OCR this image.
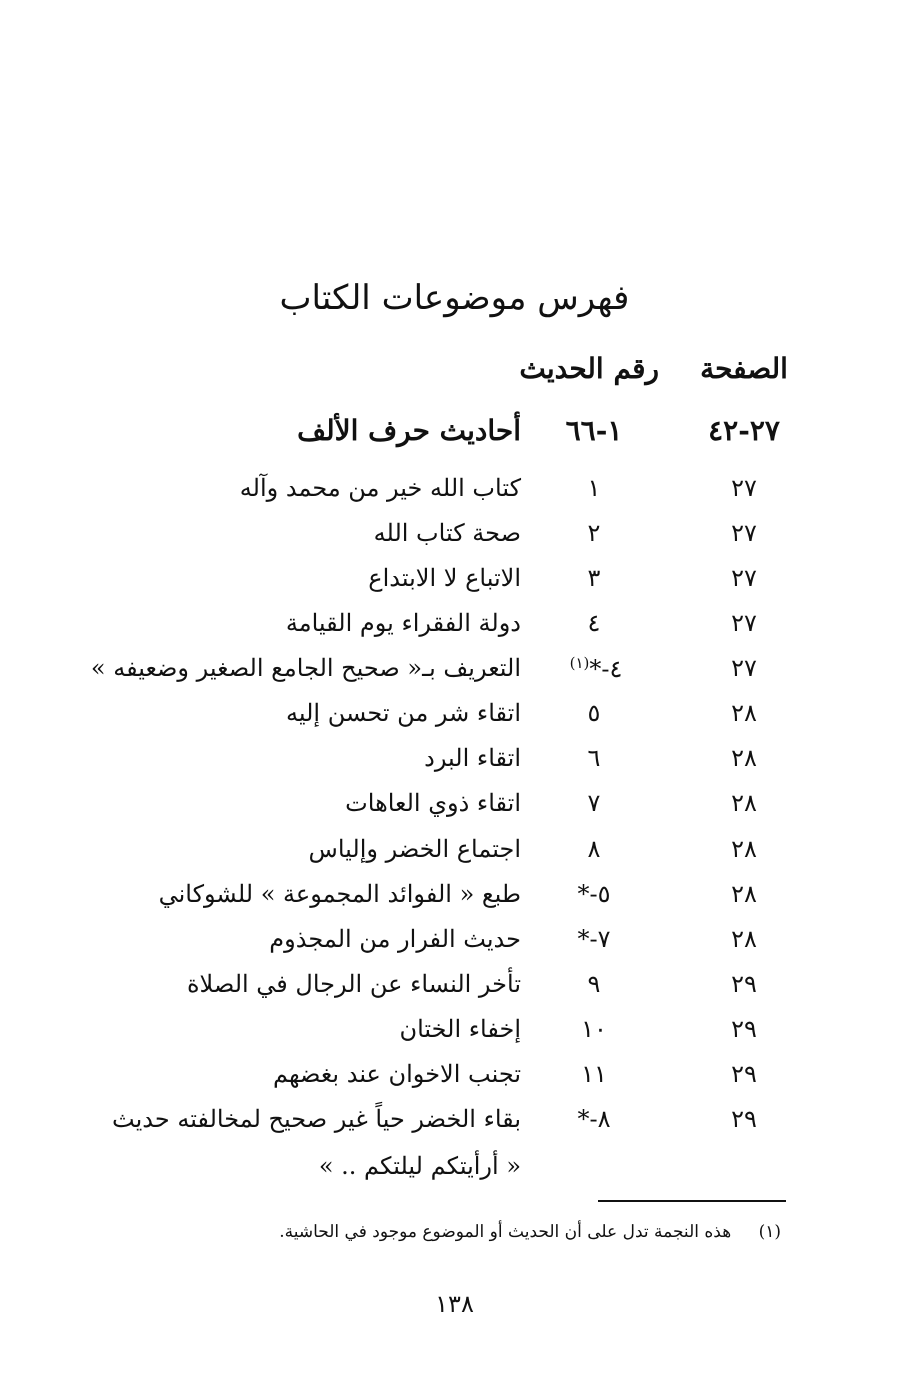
فهرس موضوعات الكتاب
الصفحة
رقم الحديث
٢٧-٤٢
١-٦٦
أحاديث حرف الألف
٢٧
١
كتاب الله خير من محمد وآله
٢٧
٢
صحة كتاب الله
٢٧
٣
الاتباع لا الابتداع
٢٧
٤
دولة الفقراء يوم القيامة
٢٧
٤-*$^{(١)}$
التعريف بـ« صحيح الجامع الصغير وضعيفه »
٢٨
٥
اتقاء شر من تحسن إليه
٢٨
٦
اتقاء البرد
٢٨
٧
اتقاء ذوي العاهات
٢٨
٨
اجتماع الخضر وإلياس
٢٨
٥-*
طبع « الفوائد المجموعة » للشوكاني
٢٨
٧-*
حديث الفرار من المجذوم
٢٩
٩
تأخر النساء عن الرجال في الصلاة
٢٩
١٠
إخفاء الختان
٢٩
١١
تجنب الاخوان عند بغضهم
٢٩
٨-*
بقاء الخضر حياً غير صحيح لمخالفته حديث
« أرأيتكم ليلتكم .. »
(١) هذه النجمة تدل على أن الحديث أو الموضوع موجود في الحاشية.
١٣٨
